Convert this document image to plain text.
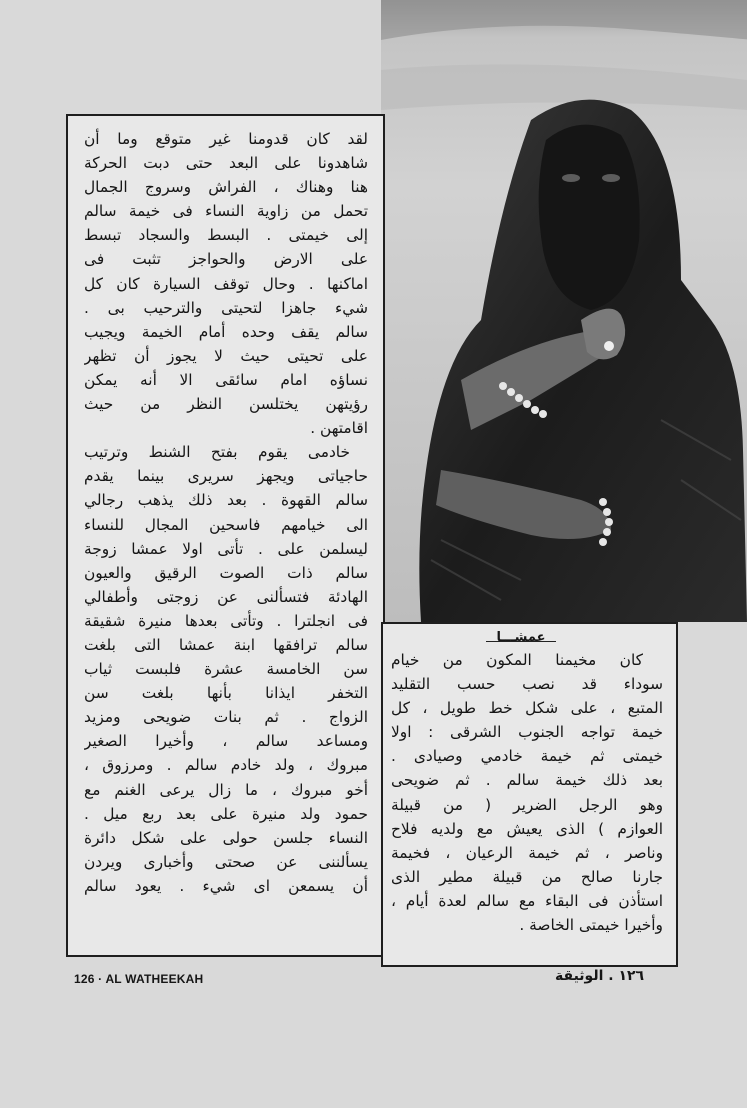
لقد كان قدومنا غير متوقع وما أن
شاهدونا على البعد حتى دبت الحركة
هنا وهناك ، الفراش وسروج الجمال
تحمل من زاوية النساء فى خيمة سالم
إلى خيمتى . البسط والسجاد تبسط
على الارض والحواجز تثبت فى
اماكنها . وحال توقف السيارة كان كل
شيء جاهزا لتحيتى والترحيب بى .
سالم يقف وحده أمام الخيمة ويجيب
على تحيتى حيث لا يجوز أن تظهر
نساؤه امام سائقى الا أنه يمكن
رؤيتهن يختلسن النظر من حيث
اقامتهن .
خادمى يقوم بفتح الشنط وترتيب
حاجياتى ويجهز سريرى بينما يقدم
سالم القهوة . بعد ذلك يذهب رجالي
الى خيامهم فاسحين المجال للنساء
ليسلمن على . تأتى اولا عمشا زوجة
سالم ذات الصوت الرقيق والعيون
الهادئة فتسألنى عن زوجتى وأطفالي
فى انجلترا . وتأتى بعدها منيرة شقيقة
سالم ترافقها ابنة عمشا التى بلغت
سن الخامسة عشرة فلبست ثياب
التخفر ايذانا بأنها بلغت سن
الزواج . ثم بنات ضويحى ومزيد
ومساعد سالم ، وأخيرا الصغير
مبروك ، ولد خادم سالم . ومرزوق ،
أخو مبروك ، ما زال يرعى الغنم مع
حمود ولد منيرة على بعد ربع ميل .
النساء جلسن حولى على شكل دائرة
يسألننى عن صحتى وأخبارى ويردن
أن يسمعن اى شيء . يعود سالم
عمشـــا
كان مخيمنا المكون من خيام
سوداء قد نصب حسب التقليد
المتبع ، على شكل خط طويل ، كل
خيمة تواجه الجنوب الشرقى : اولا
خيمتى ثم خيمة خادمي وصيادى .
بعد ذلك خيمة سالم . ثم ضويحى
وهو الرجل الضرير ( من قبيلة
العوازم ) الذى يعيش مع ولديه فلاح
وناصر ، ثم خيمة الرعيان ، فخيمة
جارنا صالح من قبيلة مطير الذى
استأذن فى البقاء مع سالم لعدة أيام ،
وأخيرا خيمتى الخاصة .
126 · AL WATHEEKAH	١٢٦ . الوثيقة
